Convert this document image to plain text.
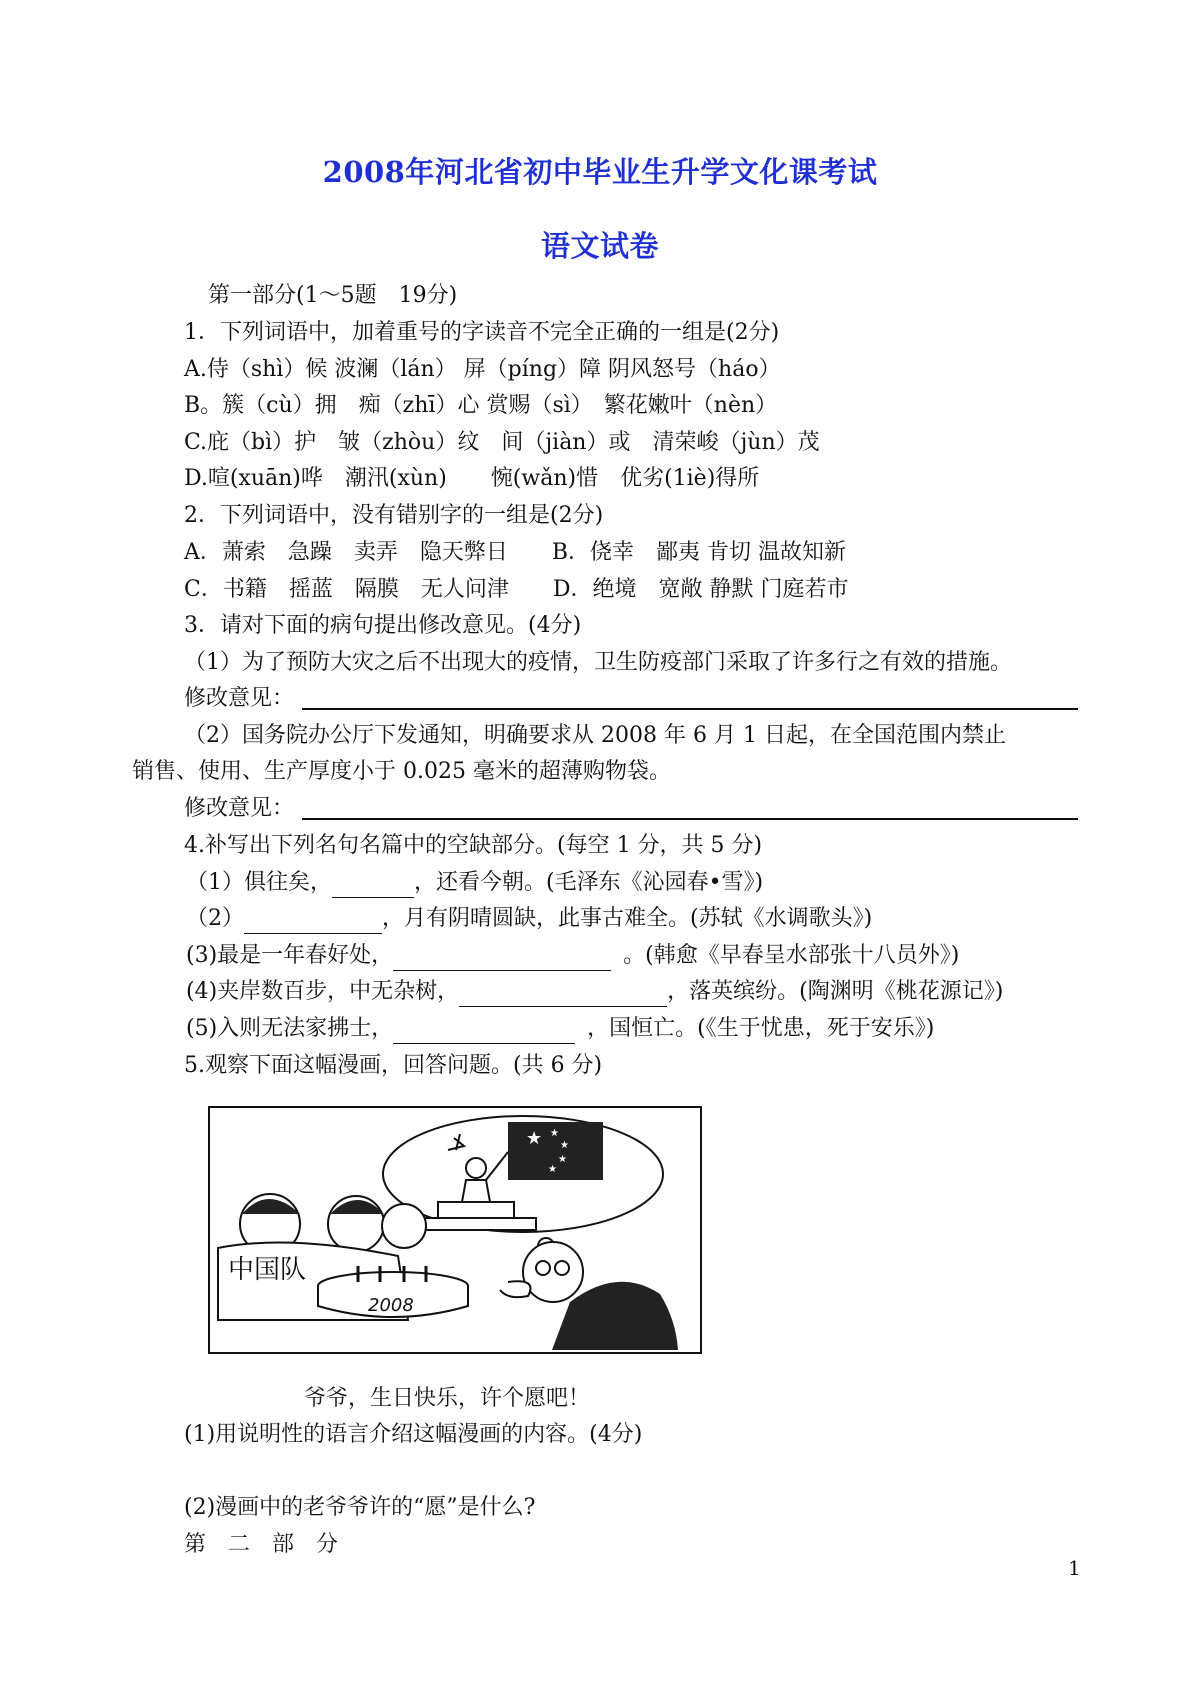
2008年河北省初中毕业生升学文化课考试
语文试卷
第一部分(1～5题　19分)
1．下列词语中，加着重号的字读音不完全正确的一组是(2分)
A.侍（shì）候 波澜（lán） 屏（píng）障 阴风怒号（háo）
B。簇（cù）拥　痴（zhī）心 赏赐（sì）　繁花嫩叶（nèn）
C.庇（bì）护　皱（zhòu）纹　间（jiàn）或　清荣峻（jùn）茂
D.喧(xuān)哗　潮汛(xùn)　　惋(wǎn)惜　优劣(1iè)得所
2．下列词语中，没有错别字的一组是(2分)
A．萧索　急躁　卖弄　隐天弊日　　B．侥幸　鄙夷 肯切 温故知新
C．书籍　摇蓝　隔膜　无人问津　　D．绝境　宽敞 静默 门庭若市
3．请对下面的病句提出修改意见。(4分)
（1）为了预防大灾之后不出现大的疫情，卫生防疫部门采取了许多行之有效的措施。
修改意见：
（2）国务院办公厅下发通知，明确要求从 2008 年 6 月 1 日起，在全国范围内禁止
销售、使用、生产厚度小于 0.025 毫米的超薄购物袋。
修改意见：
4.补写出下列名句名篇中的空缺部分。(每空 1 分，共 5 分)
（1）俱往矣，	，还看今朝。(毛泽东《沁园春•雪》)
（2）	，月有阴晴圆缺，此事古难全。(苏轼《水调歌头》)
(3)最是一年春好处，	。(韩愈《早春呈水部张十八员外》)
(4)夹岸数百步，中无杂树，	，落英缤纷。(陶渊明《桃花源记》)
(5)入则无法家拂士，	，国恒亡。(《生于忧患，死于安乐》)
5.观察下面这幅漫画，回答问题。(共 6 分)
★ ★
★
★
★
中国队
2008
爷爷，生日快乐，许个愿吧！
(1)用说明性的语言介绍这幅漫画的内容。(4分)
(2)漫画中的老爷爷许的“愿”是什么?
第　二　部　分
1
